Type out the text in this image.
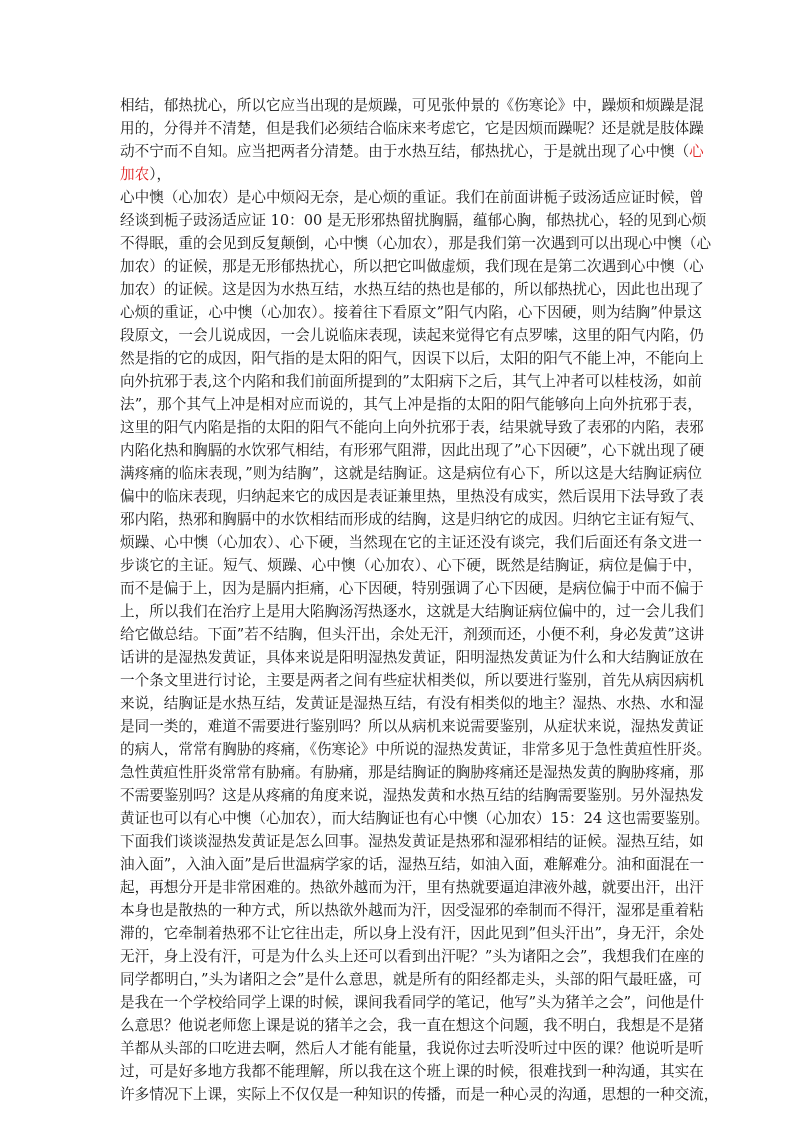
相结，郁热扰心，所以它应当出现的是烦躁，可见张仲景的《伤寒论》中，躁烦和烦躁是混
用的，分得并不清楚，但是我们必须结合临床来考虑它，它是因烦而躁呢？还是就是肢体躁
动不宁而不自知。应当把两者分清楚。由于水热互结，郁热扰心，于是就出现了心中懊（心
加农），
心中懊（心加农）是心中烦闷无奈，是心烦的重证。我们在前面讲栀子豉汤适应证时候，曾
经谈到栀子豉汤适应证 10：00 是无形邪热留扰胸膈，蕴郁心胸，郁热扰心，轻的见到心烦
不得眠，重的会见到反复颠倒，心中懊（心加农），那是我们第一次遇到可以出现心中懊（心
加农）的证候，那是无形郁热扰心，所以把它叫做虚烦，我们现在是第二次遇到心中懊（心
加农）的证候。这是因为水热互结，水热互结的热也是郁的，所以郁热扰心，因此也出现了
心烦的重证，心中懊（心加农）。接着往下看原文”阳气内陷，心下因硬，则为结胸”仲景这
段原文，一会儿说成因，一会儿说临床表现，读起来觉得它有点罗嗦，这里的阳气内陷，仍
然是指的它的成因，阳气指的是太阳的阳气，因误下以后，太阳的阳气不能上冲，不能向上
向外抗邪于表,这个内陷和我们前面所提到的”太阳病下之后，其气上冲者可以桂枝汤，如前
法”，那个其气上冲是相对应而说的，其气上冲是指的太阳的阳气能够向上向外抗邪于表，
这里的阳气内陷是指的太阳的阳气不能向上向外抗邪于表，结果就导致了表邪的内陷，表邪
内陷化热和胸膈的水饮邪气相结，有形邪气阻滞，因此出现了”心下因硬”，心下就出现了硬
满疼痛的临床表现，”则为结胸”，这就是结胸证。这是病位有心下，所以这是大结胸证病位
偏中的临床表现，归纳起来它的成因是表证兼里热，里热没有成实，然后误用下法导致了表
邪内陷，热邪和胸膈中的水饮相结而形成的结胸，这是归纳它的成因。归纳它主证有短气、
烦躁、心中懊（心加农）、心下硬，当然现在它的主证还没有谈完，我们后面还有条文进一
步谈它的主证。短气、烦躁、心中懊（心加农）、心下硬，既然是结胸证，病位是偏于中，
而不是偏于上，因为是膈内拒痛，心下因硬，特别强调了心下因硬，是病位偏于中而不偏于
上，所以我们在治疗上是用大陷胸汤泻热逐水，这就是大结胸证病位偏中的，过一会儿我们
给它做总结。下面”若不结胸，但头汗出，余处无汗，剂颈而还，小便不利，身必发黄”这讲
话讲的是湿热发黄证，具体来说是阳明湿热发黄证，阳明湿热发黄证为什么和大结胸证放在
一个条文里进行讨论，主要是两者之间有些症状相类似，所以要进行鉴别，首先从病因病机
来说，结胸证是水热互结，发黄证是湿热互结，有没有相类似的地主？湿热、水热、水和湿
是同一类的，难道不需要进行鉴别吗？所以从病机来说需要鉴别，从症状来说，湿热发黄证
的病人，常常有胸胁的疼痛，《伤寒论》中所说的湿热发黄证，非常多见于急性黄疸性肝炎。
急性黄疸性肝炎常常有胁痛。有胁痛，那是结胸证的胸胁疼痛还是湿热发黄的胸胁疼痛，那
不需要鉴别吗？这是从疼痛的角度来说，湿热发黄和水热互结的结胸需要鉴别。另外湿热发
黄证也可以有心中懊（心加农），而大结胸证也有心中懊（心加农）15：24 这也需要鉴别。
下面我们谈谈湿热发黄证是怎么回事。湿热发黄证是热邪和湿邪相结的证候。湿热互结，如
油入面”，入油入面”是后世温病学家的话，湿热互结，如油入面，难解难分。油和面混在一
起，再想分开是非常困难的。热欲外越而为汗，里有热就要逼迫津液外越，就要出汗，出汗
本身也是散热的一种方式，所以热欲外越而为汗，因受湿邪的牵制而不得汗，湿邪是重着粘
滞的，它牵制着热邪不让它往出走，所以身上没有汗，因此见到”但头汗出”，身无汗，余处
无汗，身上没有汗，可是为什么头上还可以看到出汗呢？”头为诸阳之会”，我想我们在座的
同学都明白，”头为诸阳之会”是什么意思，就是所有的阳经都走头，头部的阳气最旺盛，可
是我在一个学校给同学上课的时候，课间我看同学的笔记，他写”头为猪羊之会”，问他是什
么意思？他说老师您上课是说的猪羊之会，我一直在想这个问题，我不明白，我想是不是猪
羊都从头部的口吃进去啊，然后人才能有能量，我说你过去听没听过中医的课？他说听是听
过，可是好多地方我都不能理解，所以我在这个班上课的时候，很难找到一种沟通，其实在
许多情况下上课，实际上不仅仅是一种知识的传播，而是一种心灵的沟通，思想的一种交流，
